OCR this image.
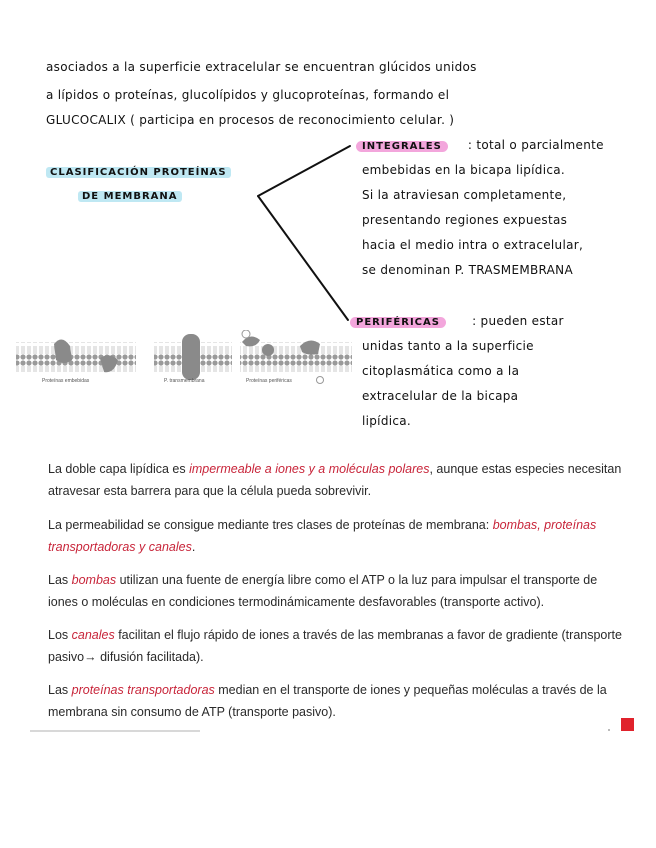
asociados a la superficie extracelular se encuentran glúcidos unidos
a lípidos o proteínas, glucolípidos y glucoproteínas, formando el
GLUCOCALIX ( participa en procesos de reconocimiento celular. )
CLASIFICACIÓN PROTEÍNAS
DE MEMBRANA
INTEGRALES : total o parcialmente
embebidas en la bicapa lipídica.
Si la atraviesan completamente,
presentando regiones expuestas
hacia el medio intra o extracelular,
se denominan P. TRASMEMBRANA
PERIFÉRICAS	: pueden estar
unidas tanto a la superficie
citoplasmática como a la
extracelular de la bicapa
lipídica.
Proteínas embebidas	P. transmembrana	Proteínas periféricas
La doble capa lipídica es impermeable a iones y a moléculas polares, aunque estas especies necesitan atravesar esta barrera para que la célula pueda sobrevivir.
La permeabilidad se consigue mediante tres clases de proteínas de membrana: bombas, proteínas transportadoras y canales.
Las bombas utilizan una fuente de energía libre como el ATP o la luz para impulsar el transporte de iones o moléculas en condiciones termodinámicamente desfavorables (transporte activo).
Los canales facilitan el flujo rápido de iones a través de las membranas a favor de gradiente (transporte pasivo→ difusión facilitada).
Las proteínas transportadoras median en el transporte de iones y pequeñas moléculas a través de la membrana sin consumo de ATP (transporte pasivo).
